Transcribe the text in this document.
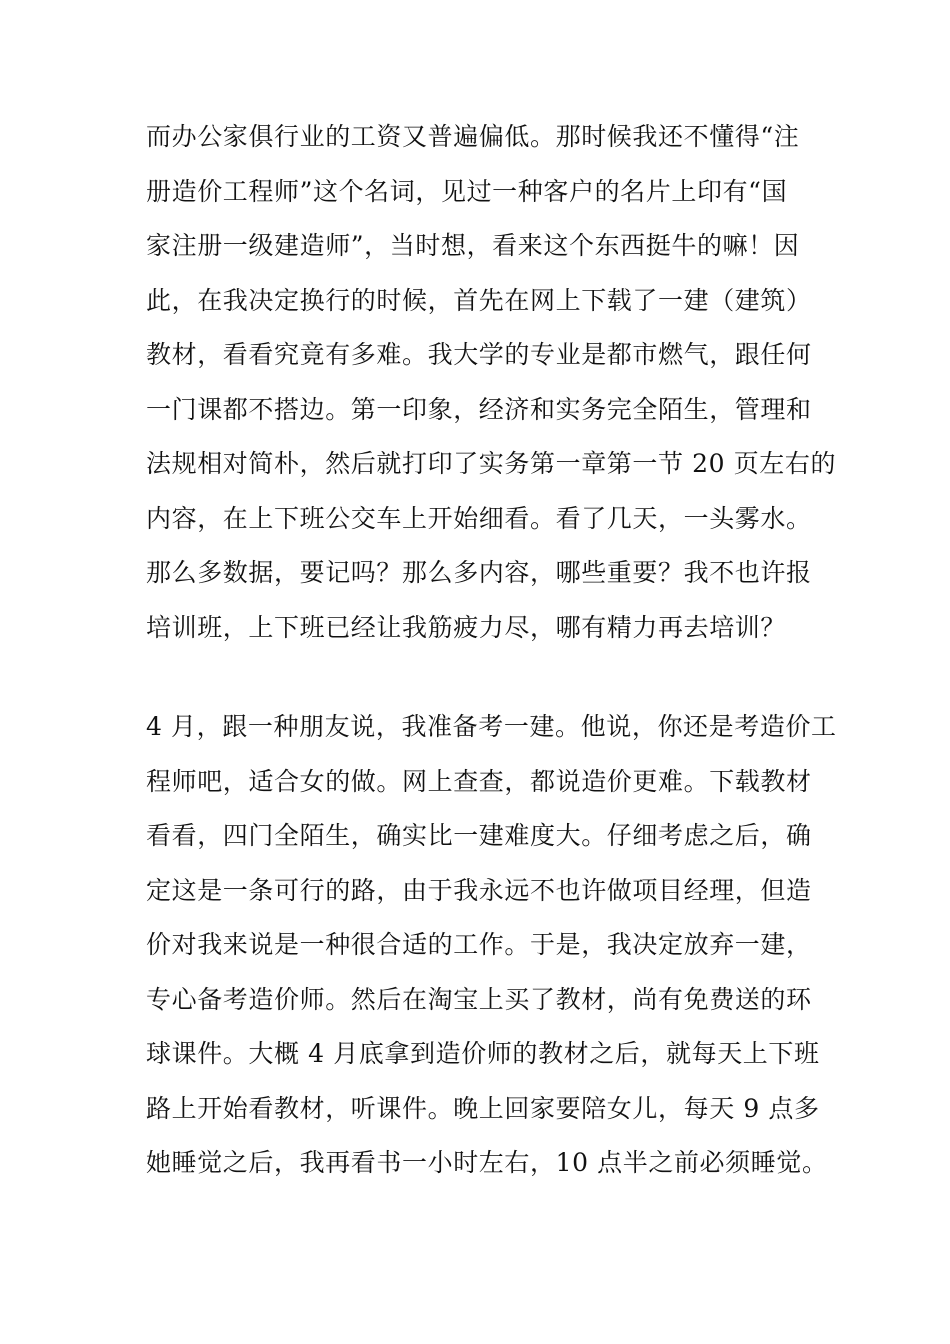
而办公家俱行业的工资又普遍偏低。那时候我还不懂得“注
册造价工程师”这个名词，见过一种客户的名片上印有“国
家注册一级建造师”，当时想，看来这个东西挺牛的嘛！因
此，在我决定换行的时候，首先在网上下载了一建（建筑）
教材，看看究竟有多难。我大学的专业是都市燃气，跟任何
一门课都不搭边。第一印象，经济和实务完全陌生，管理和
法规相对简朴，然后就打印了实务第一章第一节 20 页左右的
内容，在上下班公交车上开始细看。看了几天，一头雾水。
那么多数据，要记吗？那么多内容，哪些重要？我不也许报
培训班，上下班已经让我筋疲力尽，哪有精力再去培训？
4 月，跟一种朋友说，我准备考一建。他说，你还是考造价工
程师吧，适合女的做。网上查查，都说造价更难。下载教材
看看，四门全陌生，确实比一建难度大。仔细考虑之后，确
定这是一条可行的路，由于我永远不也许做项目经理，但造
价对我来说是一种很合适的工作。于是，我决定放弃一建，
专心备考造价师。然后在淘宝上买了教材，尚有免费送的环
球课件。大概 4 月底拿到造价师的教材之后，就每天上下班
路上开始看教材，听课件。晚上回家要陪女儿，每天 9 点多
她睡觉之后，我再看书一小时左右，10 点半之前必须睡觉。
